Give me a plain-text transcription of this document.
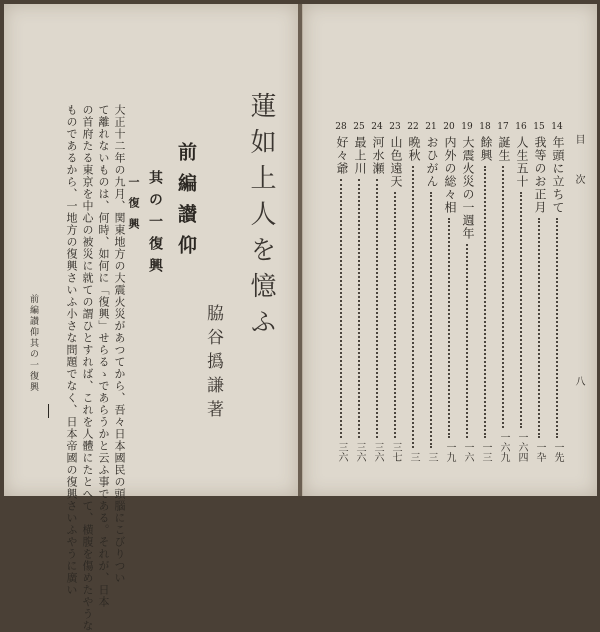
蓮如上人を憶ふ
脇谷撝謙著
前編讃仰
其の一復興
一復興
大正十二年の九月、関東地方の大震火災があつてから、吾々日本國民の頭腦にこびりつい
て離れないものは、何時、如何に「復興」せらるゝであらうかと云ふ事である。それが、日本
の首府たる東京を中心の被災に就ての謂ひとすれば、これを人體にたとへて、横腹を傷めたやうな
ものであるから、一地方の復興さいふ小さな問題でなく、日本帝國の復興さいふやうに廣い
前編讃仰其の一復興
目次
八
14
年頭に立ちて
一先
15
我等のお正月
一卆
16
人生五十
一六四
17
誕生
一六九
18
餘興
一三
19
大震火災の一週年
一六
20
内外の総々相
一九
21
おひがん
三
22
晩秋
三
23
山色遠天
三七
24
河水瀬
三六
25
最上川
三六
28
好々爺
三六
